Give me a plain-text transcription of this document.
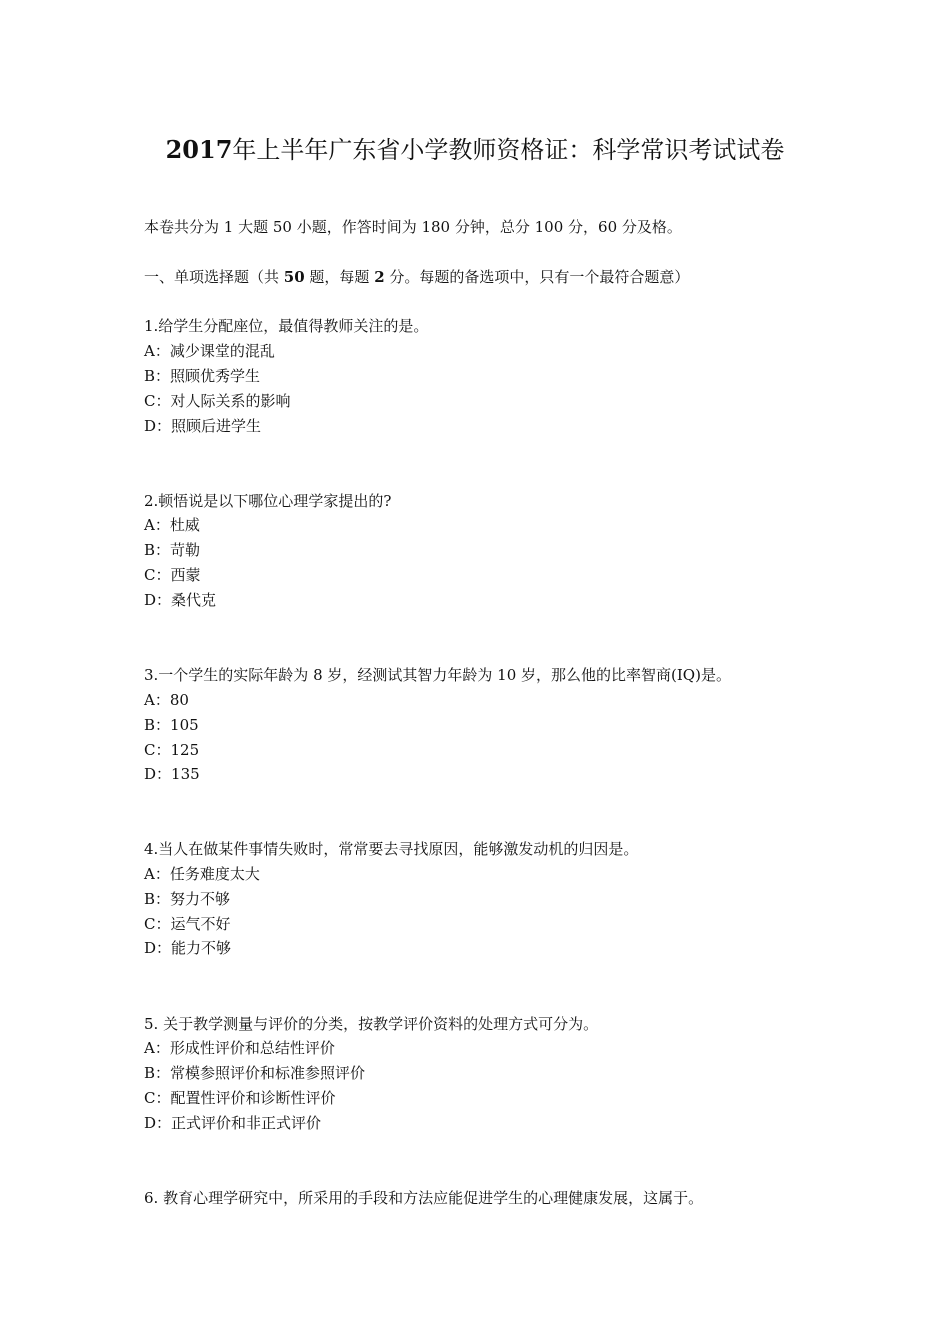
2017年上半年广东省小学教师资格证：科学常识考试试卷
本卷共分为 1 大题 50 小题，作答时间为 180 分钟，总分 100 分，60 分及格。
一、单项选择题（共 50 题，每题 2 分。每题的备选项中，只有一个最符合题意）
1.给学生分配座位，最值得教师关注的是。
A：减少课堂的混乱
B：照顾优秀学生
C：对人际关系的影响
D：照顾后进学生
2.顿悟说是以下哪位心理学家提出的?
A：杜威
B：苛勒
C：西蒙
D：桑代克
3.一个学生的实际年龄为 8 岁，经测试其智力年龄为 10 岁，那么他的比率智商(IQ)是。
A：80
B：105
C：125
D：135
4.当人在做某件事情失败时，常常要去寻找原因，能够激发动机的归因是。
A：任务难度太大
B：努力不够
C：运气不好
D：能力不够
5. 关于教学测量与评价的分类，按教学评价资料的处理方式可分为。
A：形成性评价和总结性评价
B：常模参照评价和标准参照评价
C：配置性评价和诊断性评价
D：正式评价和非正式评价
6. 教育心理学研究中，所采用的手段和方法应能促进学生的心理健康发展，这属于。
